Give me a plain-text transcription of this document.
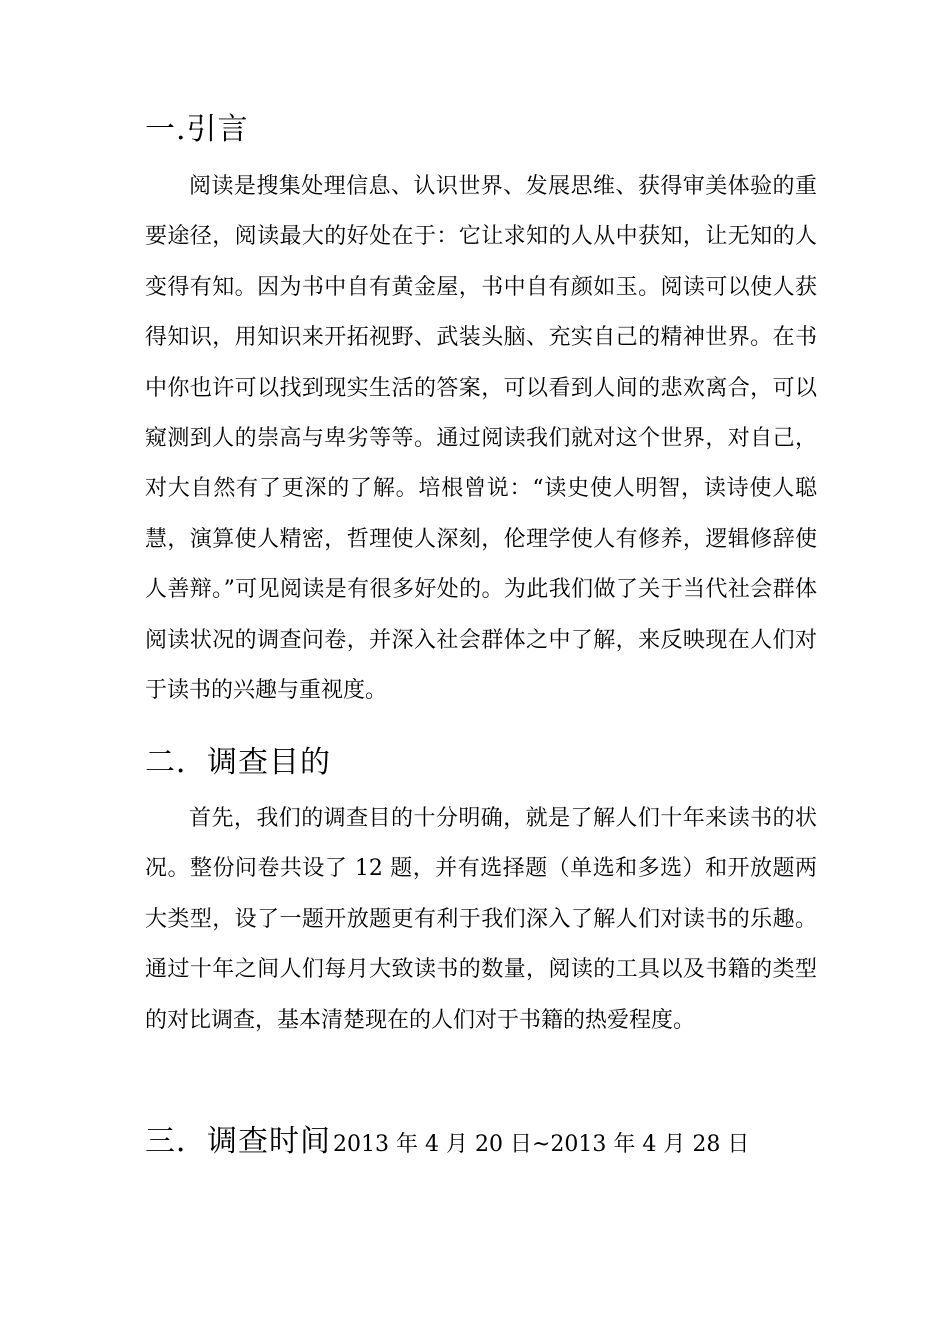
一.引言

阅读是搜集处理信息、认识世界、发展思维、获得审美体验的重要途径，阅读最大的好处在于：它让求知的人从中获知，让无知的人变得有知。因为书中自有黄金屋，书中自有颜如玉。阅读可以使人获得知识，用知识来开拓视野、武装头脑、充实自己的精神世界。在书中你也许可以找到现实生活的答案，可以看到人间的悲欢离合，可以窥测到人的崇高与卑劣等等。通过阅读我们就对这个世界，对自己，对大自然有了更深的了解。培根曾说：“读史使人明智，读诗使人聪慧，演算使人精密，哲理使人深刻，伦理学使人有修养，逻辑修辞使人善辩。”可见阅读是有很多好处的。为此我们做了关于当代社会群体阅读状况的调查问卷，并深入社会群体之中了解，来反映现在人们对于读书的兴趣与重视度。

二．调查目的

首先，我们的调查目的十分明确，就是了解人们十年来读书的状况。整份问卷共设了 12 题，并有选择题（单选和多选）和开放题两大类型，设了一题开放题更有利于我们深入了解人们对读书的乐趣。通过十年之间人们每月大致读书的数量，阅读的工具以及书籍的类型的对比调查，基本清楚现在的人们对于书籍的热爱程度。

三．调查时间2013 年 4 月 20 日~2013 年 4 月 28 日
